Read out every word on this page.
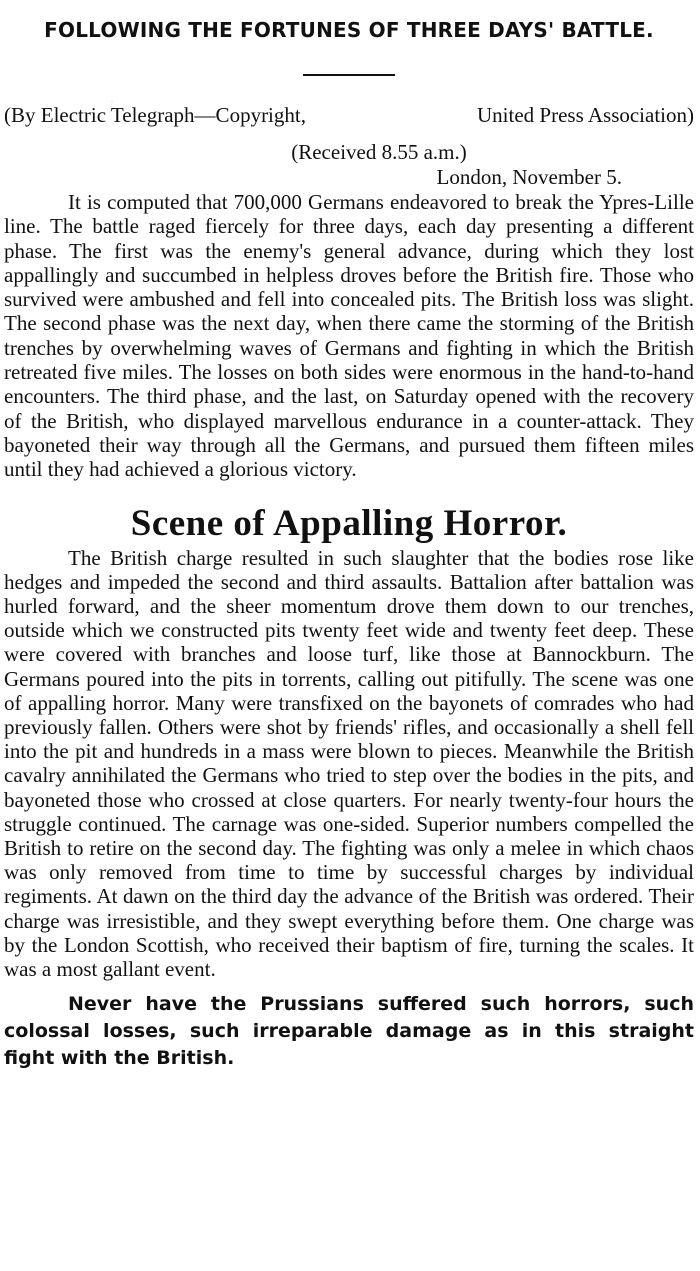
FOLLOWING THE FORTUNES OF THREE DAYS' BATTLE.
(By Electric Telegraph—Copyright,	United Press Association)

(Received 8.55 a.m.)

London, November 5.

It is computed that 700,000 Germans endeavored to break the Ypres-Lille line. The battle raged fiercely for three days, each day presenting a different phase. The first was the enemy's general advance, during which they lost appallingly and succumbed in helpless droves before the British fire. Those who survived were ambushed and fell into concealed pits. The British loss was slight. The second phase was the next day, when there came the storming of the British trenches by overwhelming waves of Germans and fighting in which the British retreated five miles. The losses on both sides were enormous in the hand-to-hand encounters. The third phase, and the last, on Saturday opened with the recovery of the British, who displayed marvellous endurance in a counter-attack. They bayoneted their way through all the Germans, and pursued them fifteen miles until they had achieved a glorious victory.

Scene of Appalling Horror.

The British charge resulted in such slaughter that the bodies rose like hedges and impeded the second and third assaults. Battalion after battalion was hurled forward, and the sheer momentum drove them down to our trenches, outside which we constructed pits twenty feet wide and twenty feet deep. These were covered with branches and loose turf, like those at Bannockburn. The Germans poured into the pits in torrents, calling out pitifully. The scene was one of appalling horror. Many were transfixed on the bayonets of comrades who had previously fallen. Others were shot by friends' rifles, and occasionally a shell fell into the pit and hundreds in a mass were blown to pieces. Meanwhile the British cavalry annihilated the Germans who tried to step over the bodies in the pits, and bayoneted those who crossed at close quarters. For nearly twenty-four hours the struggle continued. The carnage was one-sided. Superior numbers compelled the British to retire on the second day. The fighting was only a melee in which chaos was only removed from time to time by successful charges by individual regiments. At dawn on the third day the advance of the British was ordered. Their charge was irresistible, and they swept everything before them. One charge was by the London Scottish, who received their baptism of fire, turning the scales. It was a most gallant event.

Never have the Prussians suffered such horrors, such colossal losses, such irreparable damage as in this straight fight with the British.
